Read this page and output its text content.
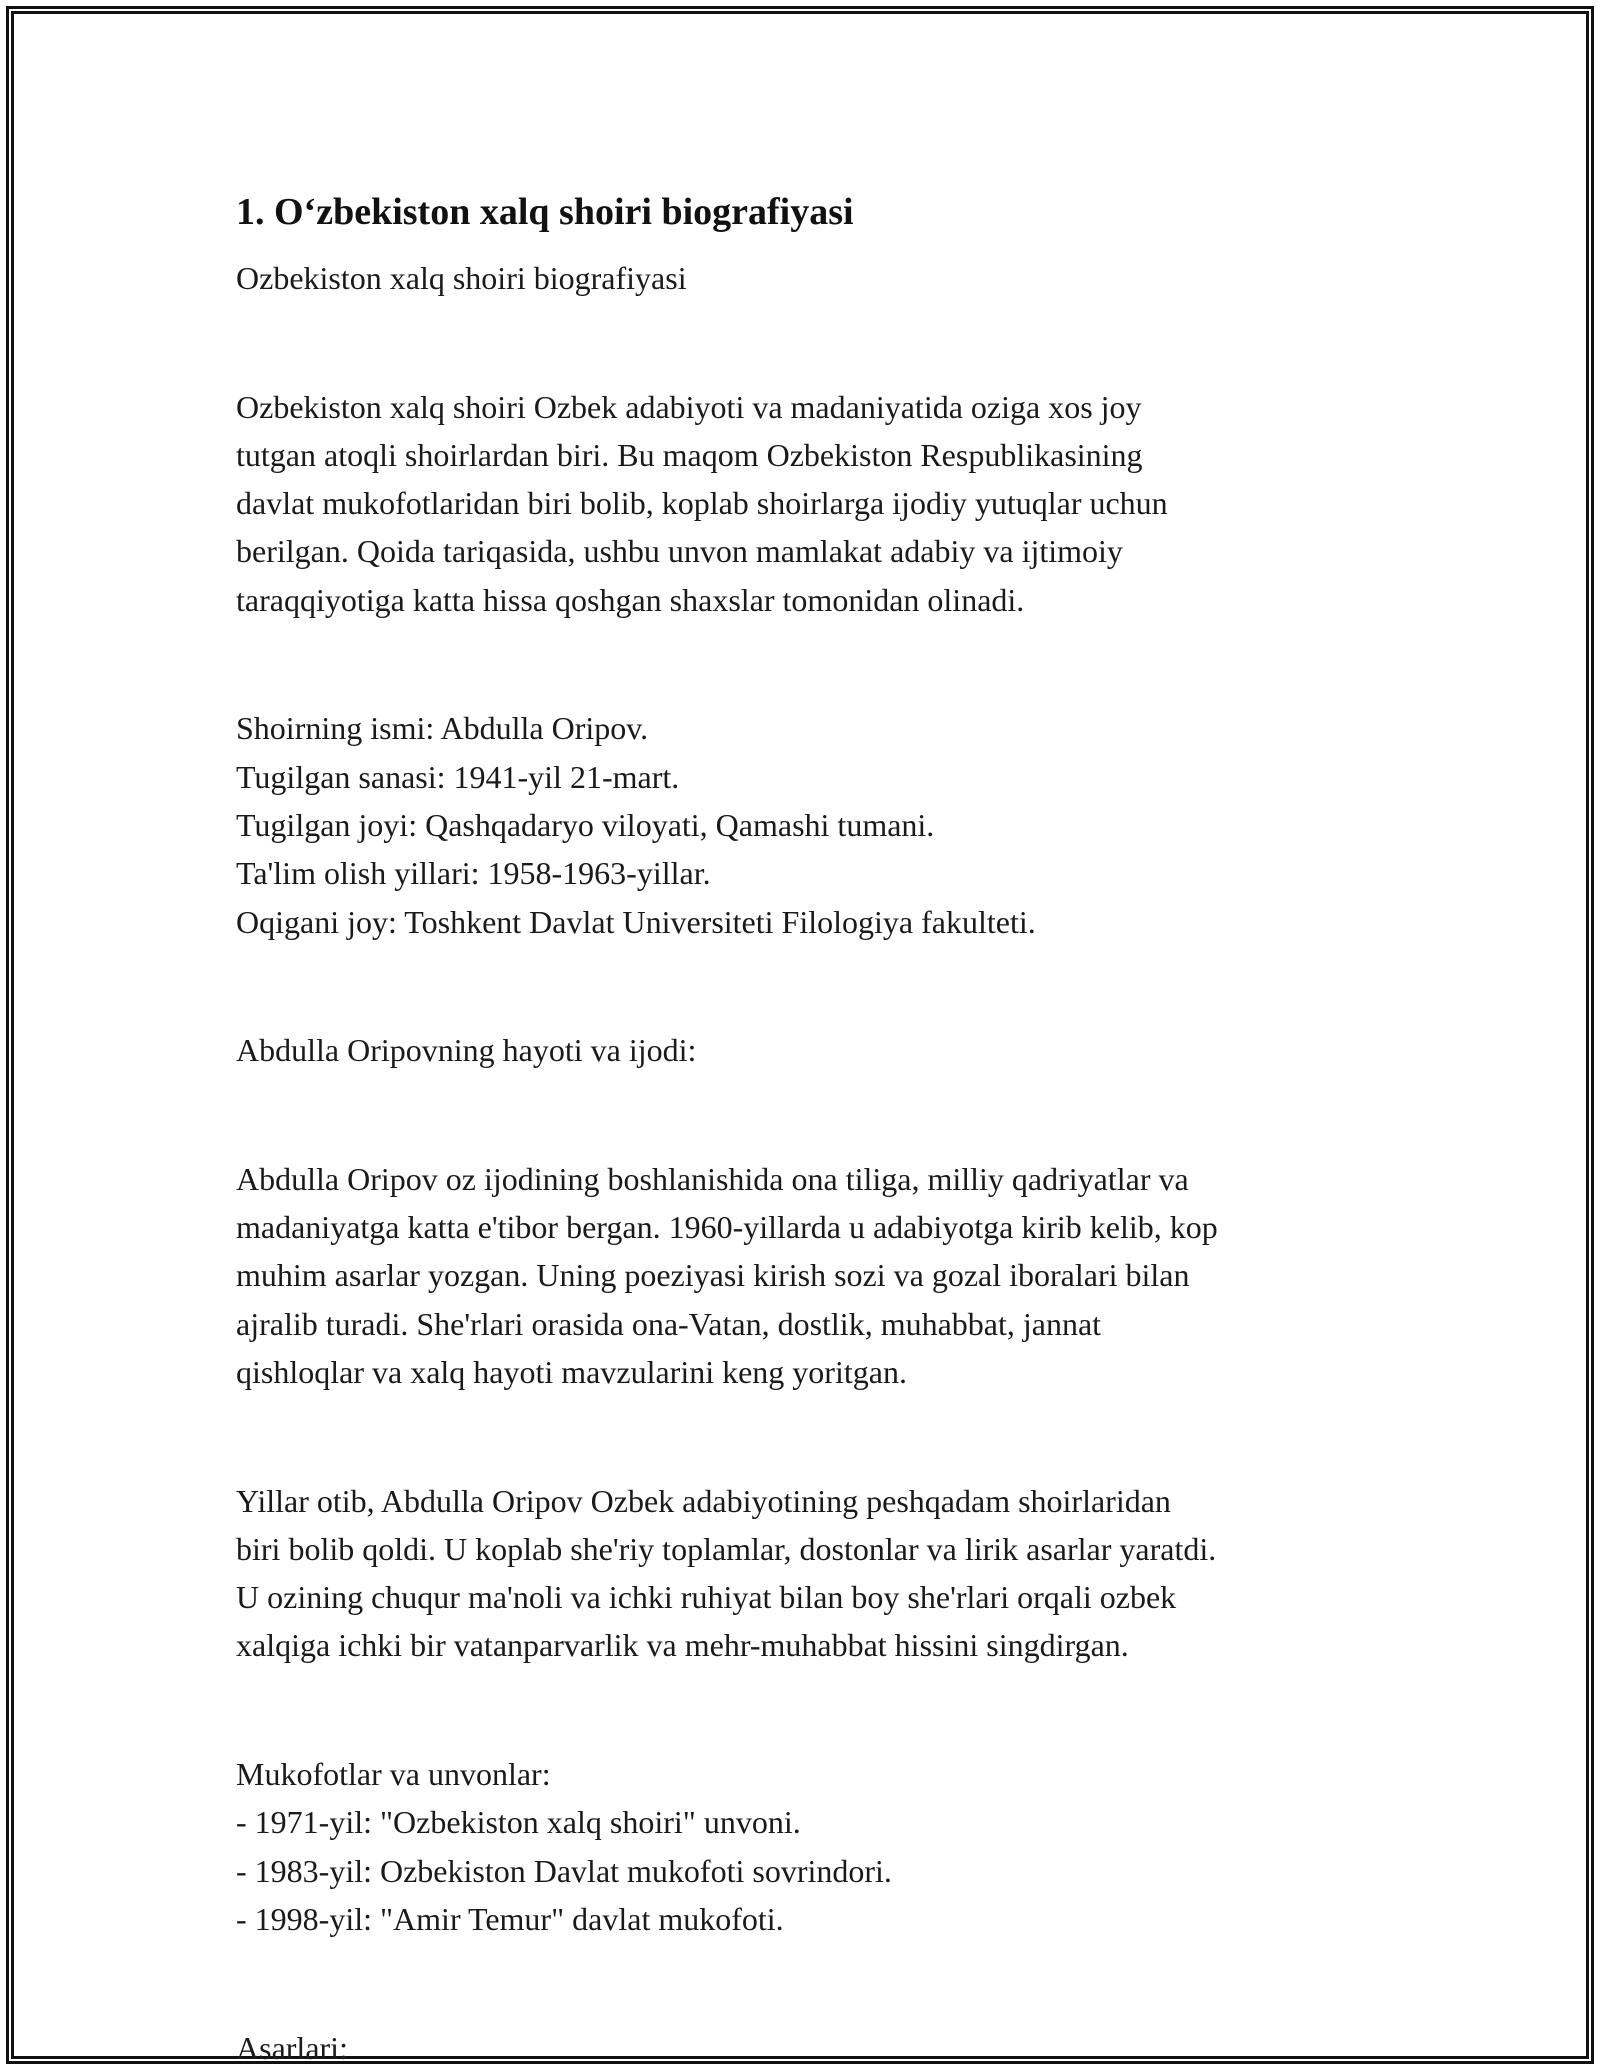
1. O‘zbekiston xalq shoiri biografiyasi

Ozbekiston xalq shoiri biografiyasi

Ozbekiston xalq shoiri Ozbek adabiyoti va madaniyatida oziga xos joy

tutgan atoqli shoirlardan biri. Bu maqom Ozbekiston Respublikasining

davlat mukofotlaridan biri bolib, koplab shoirlarga ijodiy yutuqlar uchun

berilgan. Qoida tariqasida, ushbu unvon mamlakat adabiy va ijtimoiy

taraqqiyotiga katta hissa qoshgan shaxslar tomonidan olinadi.

Shoirning ismi: Abdulla Oripov.

Tugilgan sanasi: 1941-yil 21-mart.

Tugilgan joyi: Qashqadaryo viloyati, Qamashi tumani.

Ta'lim olish yillari: 1958-1963-yillar.

Oqigani joy: Toshkent Davlat Universiteti Filologiya fakulteti.

Abdulla Oripovning hayoti va ijodi:

Abdulla Oripov oz ijodining boshlanishida ona tiliga, milliy qadriyatlar va

madaniyatga katta e'tibor bergan. 1960-yillarda u adabiyotga kirib kelib, kop

muhim asarlar yozgan. Uning poeziyasi kirish sozi va gozal iboralari bilan

ajralib turadi. She'rlari orasida ona-Vatan, dostlik, muhabbat, jannat

qishloqlar va xalq hayoti mavzularini keng yoritgan.

Yillar otib, Abdulla Oripov Ozbek adabiyotining peshqadam shoirlaridan

biri bolib qoldi. U koplab she'riy toplamlar, dostonlar va lirik asarlar yaratdi.

U ozining chuqur ma'noli va ichki ruhiyat bilan boy she'rlari orqali ozbek

xalqiga ichki bir vatanparvarlik va mehr-muhabbat hissini singdirgan.

Mukofotlar va unvonlar:

- 1971-yil: "Ozbekiston xalq shoiri" unvoni.

- 1983-yil: Ozbekiston Davlat mukofoti sovrindori.

- 1998-yil: "Amir Temur" davlat mukofoti.

Asarlari:
